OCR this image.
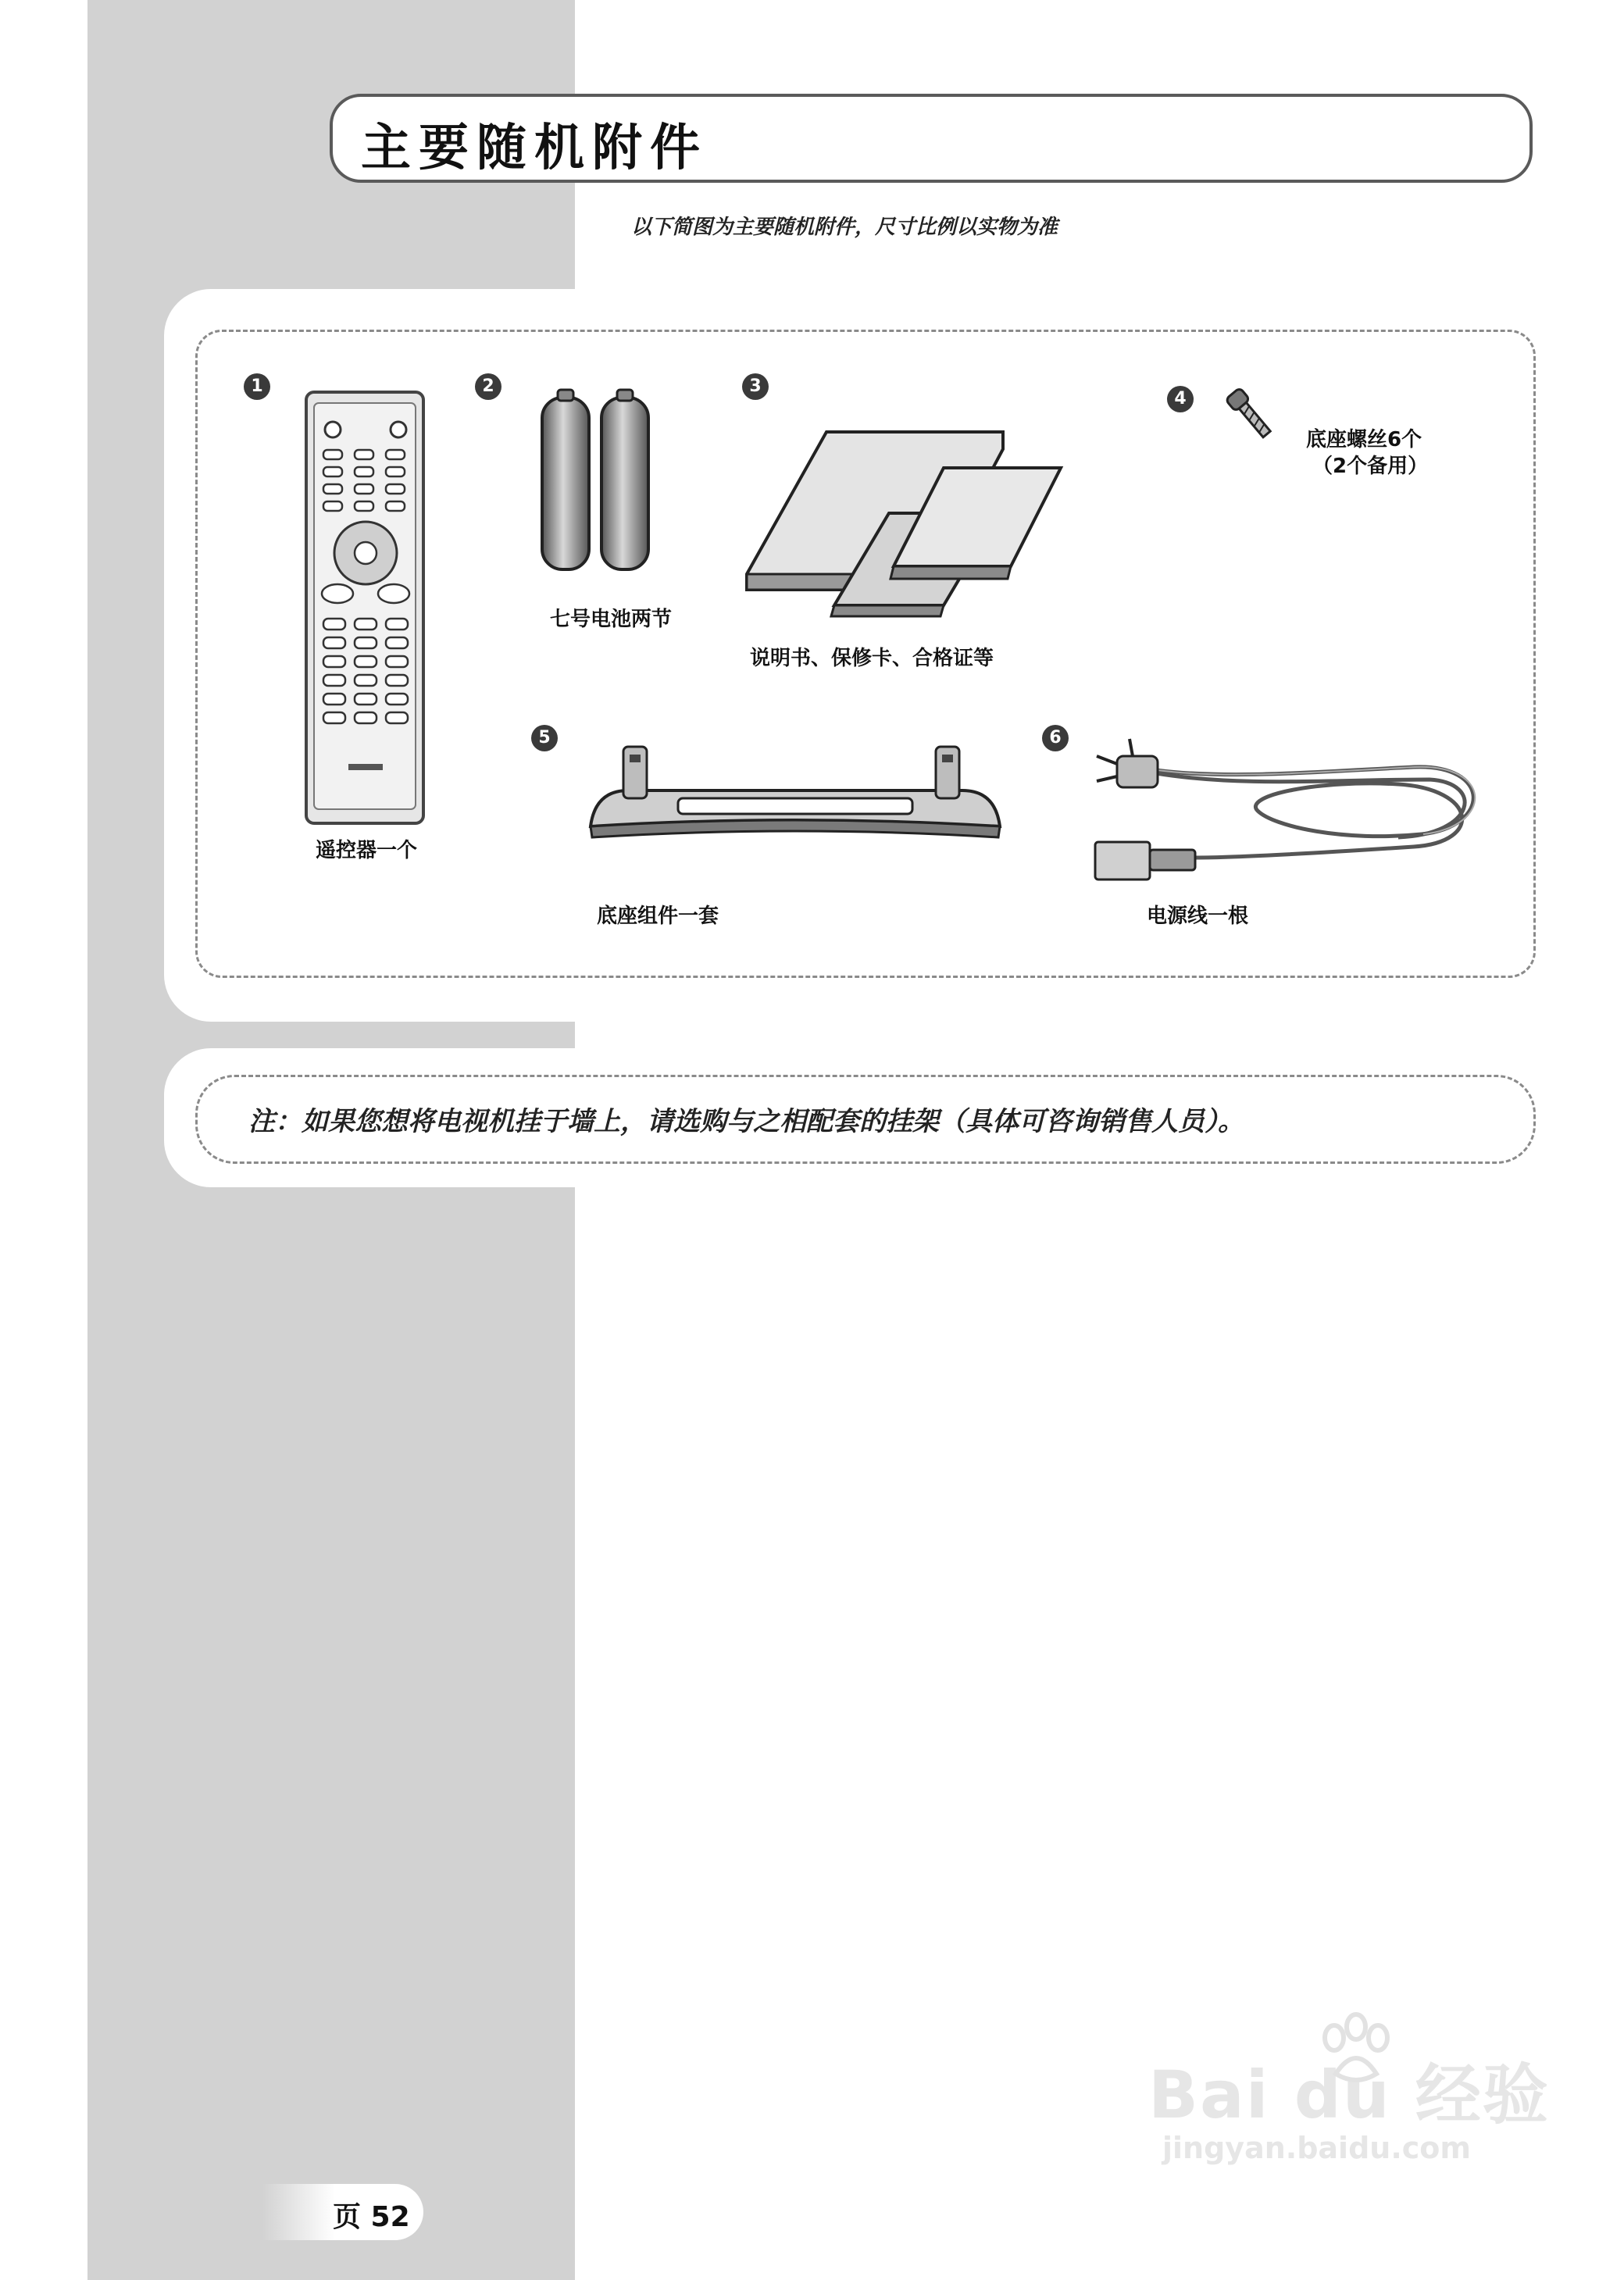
主要随机附件
以下简图为主要随机附件，尺寸比例以实物为准
1
遥控器一个
2
七号电池两节
3
说明书、保修卡、合格证等
4
底座螺丝6个
（2个备用）
5
底座组件一套
6
电源线一根
注：如果您想将电视机挂于墙上，请选购与之相配套的挂架（具体可咨询销售人员）。
页 52
Bai du 经验
jingyan.baidu.com
